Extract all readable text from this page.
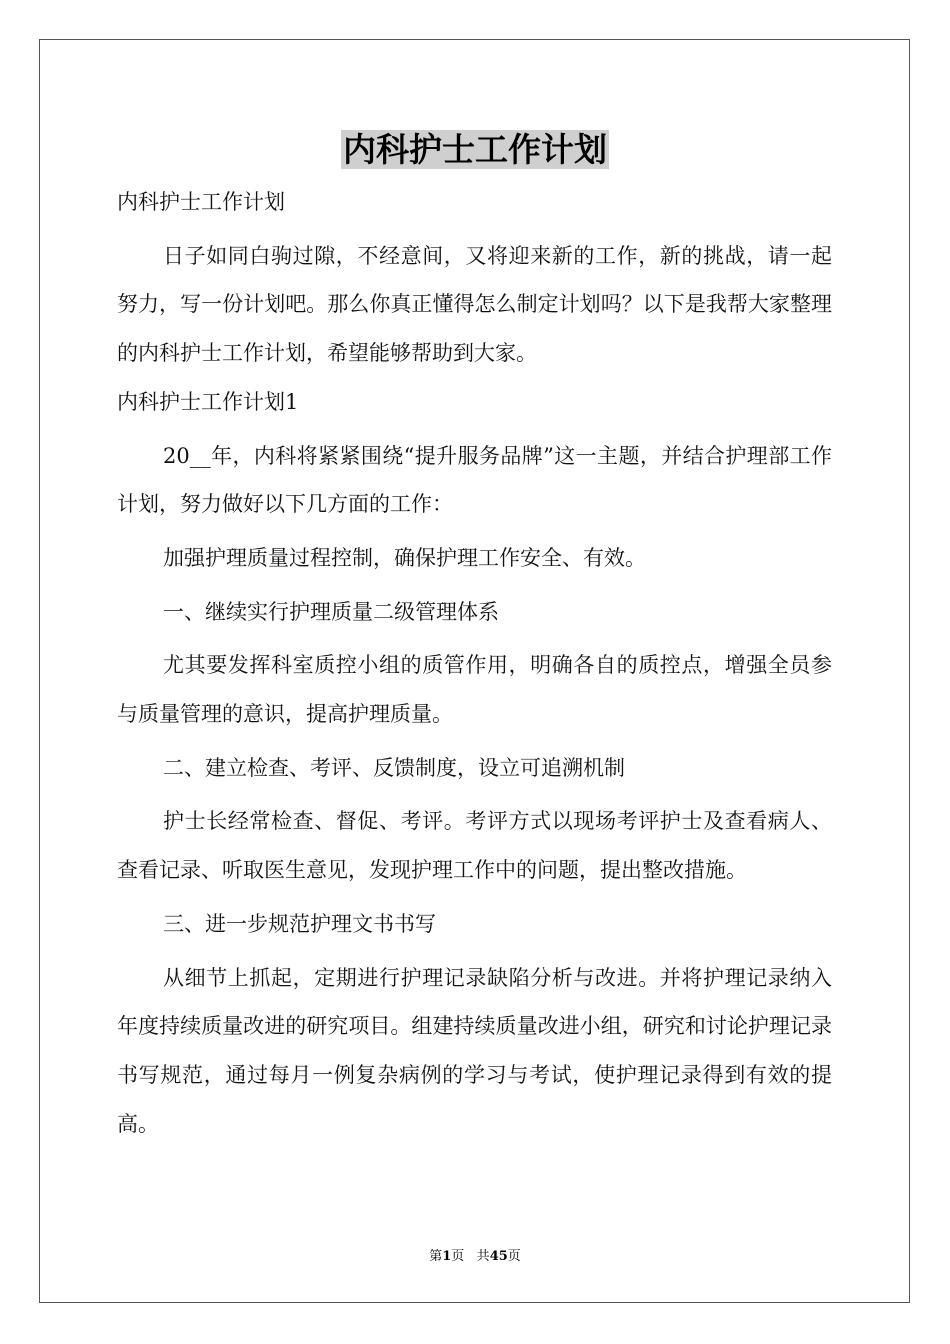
内科护士工作计划

内科护士工作计划

日子如同白驹过隙，不经意间，又将迎来新的工作，新的挑战，请一起努力，写一份计划吧。那么你真正懂得怎么制定计划吗？以下是我帮大家整理的内科护士工作计划，希望能够帮助到大家。

内科护士工作计划1

20__年，内科将紧紧围绕“提升服务品牌”这一主题，并结合护理部工作计划，努力做好以下几方面的工作：

加强护理质量过程控制，确保护理工作安全、有效。

一、继续实行护理质量二级管理体系

尤其要发挥科室质控小组的质管作用，明确各自的质控点，增强全员参与质量管理的意识，提高护理质量。

二、建立检查、考评、反馈制度，设立可追溯机制

护士长经常检查、督促、考评。考评方式以现场考评护士及查看病人、查看记录、听取医生意见，发现护理工作中的问题，提出整改措施。

三、进一步规范护理文书书写

从细节上抓起，定期进行护理记录缺陷分析与改进。并将护理记录纳入年度持续质量改进的研究项目。组建持续质量改进小组，研究和讨论护理记录书写规范，通过每月一例复杂病例的学习与考试，使护理记录得到有效的提高。

第1页 共45页
